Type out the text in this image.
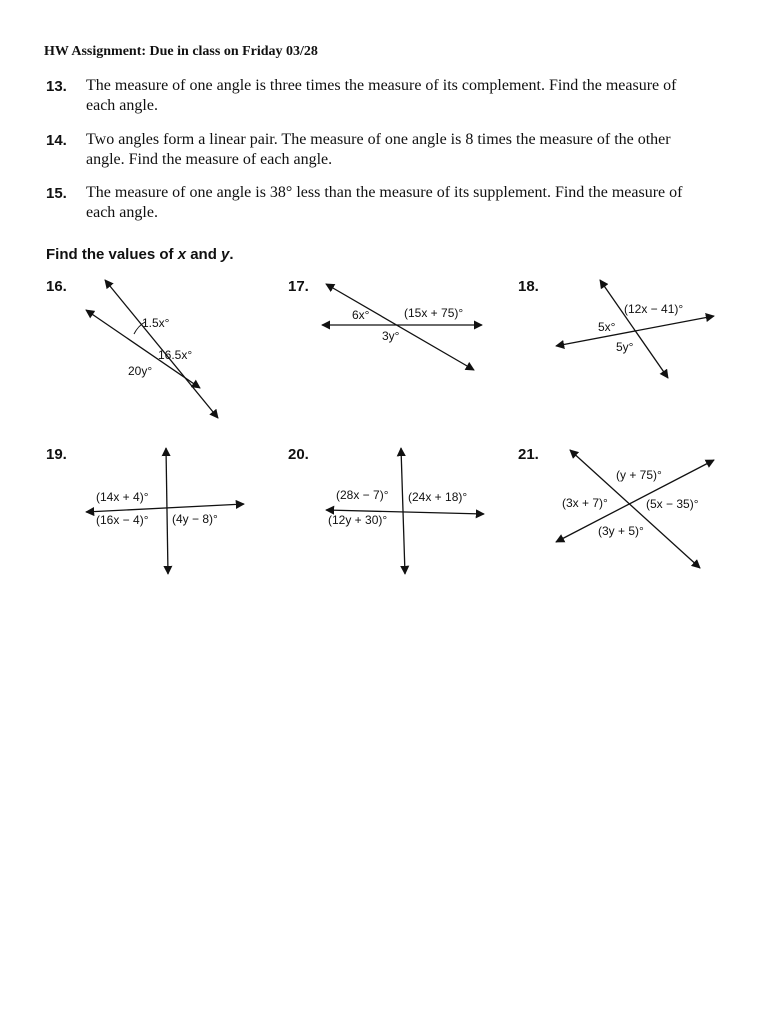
HW Assignment: Due in class on Friday 03/28
13. The measure of one angle is three times the measure of its complement. Find the measure of each angle.
14. Two angles form a linear pair. The measure of one angle is 8 times the measure of the other angle. Find the measure of each angle.
15. The measure of one angle is 38° less than the measure of its supplement. Find the measure of each angle.
Find the values of x and y.
16.
1.5x°
16.5x°
20y°
17.
6x°	(15x + 75)°
3y°
18.
(12x − 41)°
5x°
5y°
19.
(14x + 4)°
(16x − 4)° (4y − 8)°
20.
(28x − 7)° (24x + 18)°
(12y + 30)°
21.
(y + 75)°
(3x + 7)°	(5x − 35)°
(3y + 5)°
